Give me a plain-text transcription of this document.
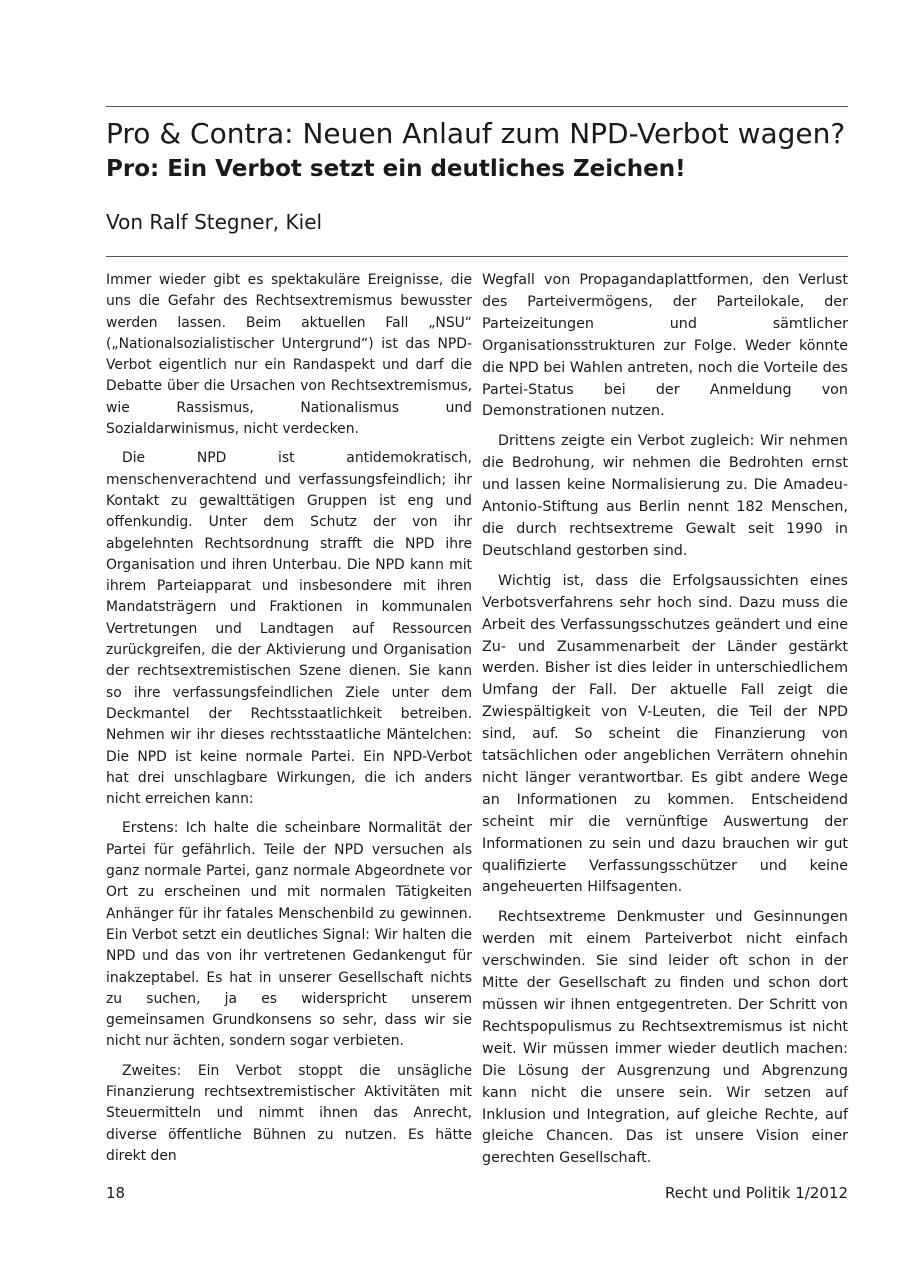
Pro & Contra: Neuen Anlauf zum NPD-Verbot wagen?
Pro: Ein Verbot setzt ein deutliches Zeichen!
Von Ralf Stegner, Kiel

Immer wieder gibt es spektakuläre Ereignisse, die uns die Gefahr des Rechtsextremismus bewusster werden lassen. Beim aktuellen Fall „NSU“ („Nationalsozialistischer Untergrund“) ist das NPD-Verbot eigentlich nur ein Randaspekt und darf die Debatte über die Ursachen von Rechtsextremismus, wie Rassismus, Nationalismus und Sozialdarwinismus, nicht verdecken.

Die NPD ist antidemokratisch, menschenverachtend und verfassungsfeindlich; ihr Kontakt zu gewalttätigen Gruppen ist eng und offenkundig. Unter dem Schutz der von ihr abgelehnten Rechtsordnung strafft die NPD ihre Organisation und ihren Unterbau. Die NPD kann mit ihrem Parteiapparat und insbesondere mit ihren Mandatsträgern und Fraktionen in kommunalen Vertretungen und Landtagen auf Ressourcen zurückgreifen, die der Aktivierung und Organisation der rechtsextremistischen Szene dienen. Sie kann so ihre verfassungsfeindlichen Ziele unter dem Deckmantel der Rechtsstaatlichkeit betreiben. Nehmen wir ihr dieses rechtsstaatliche Mäntelchen: Die NPD ist keine normale Partei. Ein NPD-Verbot hat drei unschlagbare Wirkungen, die ich anders nicht erreichen kann:

Erstens: Ich halte die scheinbare Normalität der Partei für gefährlich. Teile der NPD versuchen als ganz normale Partei, ganz normale Abgeordnete vor Ort zu erscheinen und mit normalen Tätigkeiten Anhänger für ihr fatales Menschenbild zu gewinnen. Ein Verbot setzt ein deutliches Signal: Wir halten die NPD und das von ihr vertretenen Gedankengut für inakzeptabel. Es hat in unserer Gesellschaft nichts zu suchen, ja es widerspricht unserem gemeinsamen Grundkonsens so sehr, dass wir sie nicht nur ächten, sondern sogar verbieten.

Zweites: Ein Verbot stoppt die unsägliche Finanzierung rechtsextremistischer Aktivitäten mit Steuermitteln und nimmt ihnen das Anrecht, diverse öffentliche Bühnen zu nutzen. Es hätte direkt den

Wegfall von Propagandaplattformen, den Verlust des Parteivermögens, der Parteilokale, der Parteizeitungen und sämtlicher Organisationsstrukturen zur Folge. Weder könnte die NPD bei Wahlen antreten, noch die Vorteile des Partei-Status bei der Anmeldung von Demonstrationen nutzen.

Drittens zeigte ein Verbot zugleich: Wir nehmen die Bedrohung, wir nehmen die Bedrohten ernst und lassen keine Normalisierung zu. Die Amadeu-Antonio-Stiftung aus Berlin nennt 182 Menschen, die durch rechtsextreme Gewalt seit 1990 in Deutschland gestorben sind.

Wichtig ist, dass die Erfolgsaussichten eines Verbotsverfahrens sehr hoch sind. Dazu muss die Arbeit des Verfassungsschutzes geändert und eine Zu- und Zusammenarbeit der Länder gestärkt werden. Bisher ist dies leider in unterschiedlichem Umfang der Fall. Der aktuelle Fall zeigt die Zwiespältigkeit von V-Leuten, die Teil der NPD sind, auf. So scheint die Finanzierung von tatsächlichen oder angeblichen Verrätern ohnehin nicht länger verantwortbar. Es gibt andere Wege an Informationen zu kommen. Entscheidend scheint mir die vernünftige Auswertung der Informationen zu sein und dazu brauchen wir gut qualifizierte Verfassungsschützer und keine angeheuerten Hilfsagenten.

Rechtsextreme Denkmuster und Gesinnungen werden mit einem Parteiverbot nicht einfach verschwinden. Sie sind leider oft schon in der Mitte der Gesellschaft zu finden und schon dort müssen wir ihnen entgegentreten. Der Schritt von Rechtspopulismus zu Rechtsextremismus ist nicht weit. Wir müssen immer wieder deutlich machen: Die Lösung der Ausgrenzung und Abgrenzung kann nicht die unsere sein. Wir setzen auf Inklusion und Integration, auf gleiche Rechte, auf gleiche Chancen. Das ist unsere Vision einer gerechten Gesellschaft.

18	Recht und Politik 1/2012
